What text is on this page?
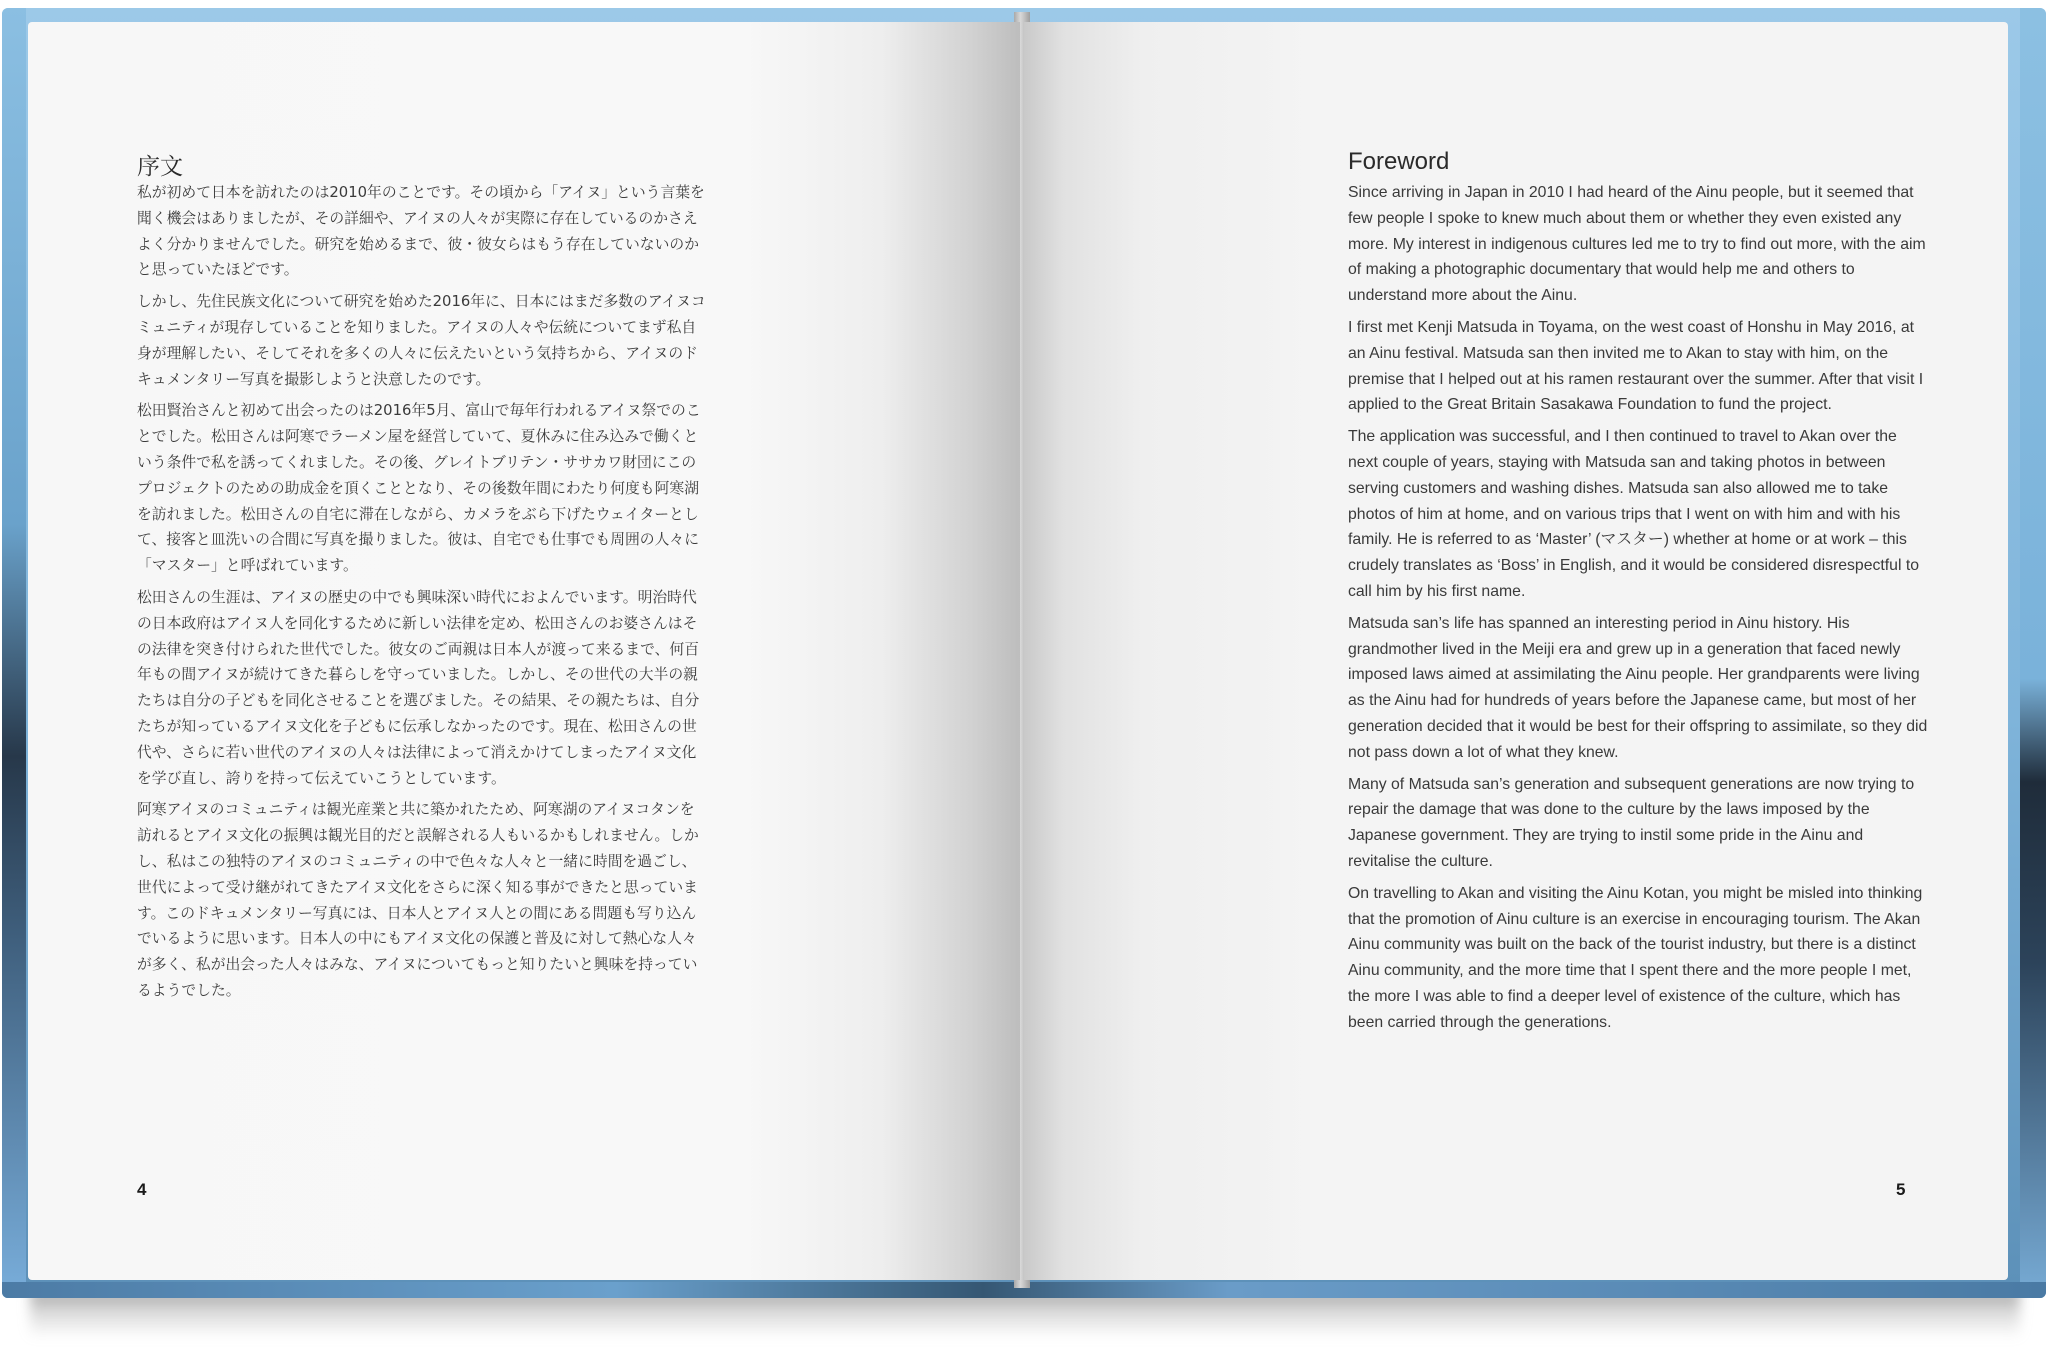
序文

私が初めて日本を訪れたのは2010年のことです。その頃から「アイヌ」という言葉を聞く機会はありましたが、その詳細や、アイヌの人々が実際に存在しているのかさえよく分かりませんでした。研究を始めるまで、彼・彼女らはもう存在していないのかと思っていたほどです。

しかし、先住民族文化について研究を始めた2016年に、日本にはまだ多数のアイヌコミュニティが現存していることを知りました。アイヌの人々や伝統についてまず私自身が理解したい、そしてそれを多くの人々に伝えたいという気持ちから、アイヌのドキュメンタリー写真を撮影しようと決意したのです。

松田賢治さんと初めて出会ったのは2016年5月、富山で毎年行われるアイヌ祭でのことでした。松田さんは阿寒でラーメン屋を経営していて、夏休みに住み込みで働くという条件で私を誘ってくれました。その後、グレイトブリテン・ササカワ財団にこのプロジェクトのための助成金を頂くこととなり、その後数年間にわたり何度も阿寒湖を訪れました。松田さんの自宅に滞在しながら、カメラをぶら下げたウェイターとして、接客と皿洗いの合間に写真を撮りました。彼は、自宅でも仕事でも周囲の人々に「マスター」と呼ばれています。

松田さんの生涯は、アイヌの歴史の中でも興味深い時代におよんでいます。明治時代の日本政府はアイヌ人を同化するために新しい法律を定め、松田さんのお婆さんはその法律を突き付けられた世代でした。彼女のご両親は日本人が渡って来るまで、何百年もの間アイヌが続けてきた暮らしを守っていました。しかし、その世代の大半の親たちは自分の子どもを同化させることを選びました。その結果、その親たちは、自分たちが知っているアイヌ文化を子どもに伝承しなかったのです。現在、松田さんの世代や、さらに若い世代のアイヌの人々は法律によって消えかけてしまったアイヌ文化を学び直し、誇りを持って伝えていこうとしています。

阿寒アイヌのコミュニティは観光産業と共に築かれたため、阿寒湖のアイヌコタンを訪れるとアイヌ文化の振興は観光目的だと誤解される人もいるかもしれません。しかし、私はこの独特のアイヌのコミュニティの中で色々な人々と一緒に時間を過ごし、世代によって受け継がれてきたアイヌ文化をさらに深く知る事ができたと思っています。このドキュメンタリー写真には、日本人とアイヌ人との間にある問題も写り込んでいるように思います。日本人の中にもアイヌ文化の保護と普及に対して熱心な人々が多く、私が出会った人々はみな、アイヌについてもっと知りたいと興味を持っているようでした。

4
Foreword

Since arriving in Japan in 2010 I had heard of the Ainu people, but it seemed that few people I spoke to knew much about them or whether they even existed any more. My interest in indigenous cultures led me to try to find out more, with the aim of making a photographic documentary that would help me and others to understand more about the Ainu.

I first met Kenji Matsuda in Toyama, on the west coast of Honshu in May 2016, at an Ainu festival. Matsuda san then invited me to Akan to stay with him, on the premise that I helped out at his ramen restaurant over the summer. After that visit I applied to the Great Britain Sasakawa Foundation to fund the project.

The application was successful, and I then continued to travel to Akan over the next couple of years, staying with Matsuda san and taking photos in between serving customers and washing dishes. Matsuda san also allowed me to take photos of him at home, and on various trips that I went on with him and with his family. He is referred to as ‘Master’ (マスター) whether at home or at work – this crudely translates as ‘Boss’ in English, and it would be considered disrespectful to call him by his first name.

Matsuda san’s life has spanned an interesting period in Ainu history. His grandmother lived in the Meiji era and grew up in a generation that faced newly imposed laws aimed at assimilating the Ainu people. Her grandparents were living as the Ainu had for hundreds of years before the Japanese came, but most of her generation decided that it would be best for their offspring to assimilate, so they did not pass down a lot of what they knew.

Many of Matsuda san’s generation and subsequent generations are now trying to repair the damage that was done to the culture by the laws imposed by the Japanese government. They are trying to instil some pride in the Ainu and revitalise the culture.

On travelling to Akan and visiting the Ainu Kotan, you might be misled into thinking that the promotion of Ainu culture is an exercise in encouraging tourism. The Akan Ainu community was built on the back of the tourist industry, but there is a distinct Ainu community, and the more time that I spent there and the more people I met, the more I was able to find a deeper level of existence of the culture, which has been carried through the generations.

5
